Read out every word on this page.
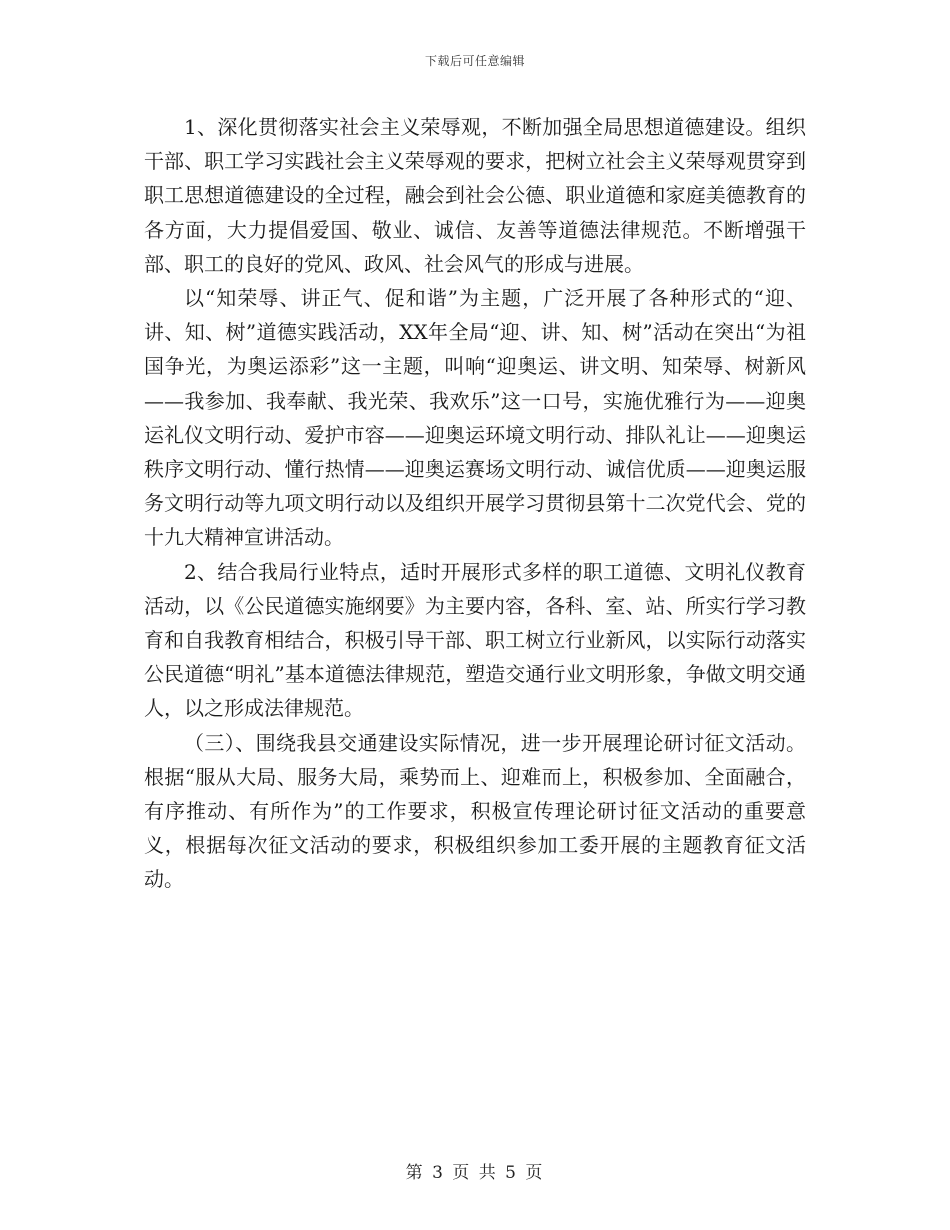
下载后可任意编辑

1、深化贯彻落实社会主义荣辱观，不断加强全局思想道德建设。组织干部、职工学习实践社会主义荣辱观的要求，把树立社会主义荣辱观贯穿到职工思想道德建设的全过程，融会到社会公德、职业道德和家庭美德教育的各方面，大力提倡爱国、敬业、诚信、友善等道德法律规范。不断增强干部、职工的良好的党风、政风、社会风气的形成与进展。

以“知荣辱、讲正气、促和谐”为主题，广泛开展了各种形式的“迎、讲、知、树”道德实践活动，XX年全局“迎、讲、知、树”活动在突出“为祖国争光，为奥运添彩”这一主题，叫响“迎奥运、讲文明、知荣辱、树新风——我参加、我奉献、我光荣、我欢乐”这一口号，实施优雅行为——迎奥运礼仪文明行动、爱护市容——迎奥运环境文明行动、排队礼让——迎奥运秩序文明行动、懂行热情——迎奥运赛场文明行动、诚信优质——迎奥运服务文明行动等九项文明行动以及组织开展学习贯彻县第十二次党代会、党的十九大精神宣讲活动。

2、结合我局行业特点，适时开展形式多样的职工道德、文明礼仪教育活动，以《公民道德实施纲要》为主要内容，各科、室、站、所实行学习教育和自我教育相结合，积极引导干部、职工树立行业新风，以实际行动落实公民道德“明礼”基本道德法律规范，塑造交通行业文明形象，争做文明交通人，以之形成法律规范。

（三）、围绕我县交通建设实际情况，进一步开展理论研讨征文活动。根据“服从大局、服务大局，乘势而上、迎难而上，积极参加、全面融合，有序推动、有所作为”的工作要求，积极宣传理论研讨征文活动的重要意义，根据每次征文活动的要求，积极组织参加工委开展的主题教育征文活动。

第 3 页 共 5 页
